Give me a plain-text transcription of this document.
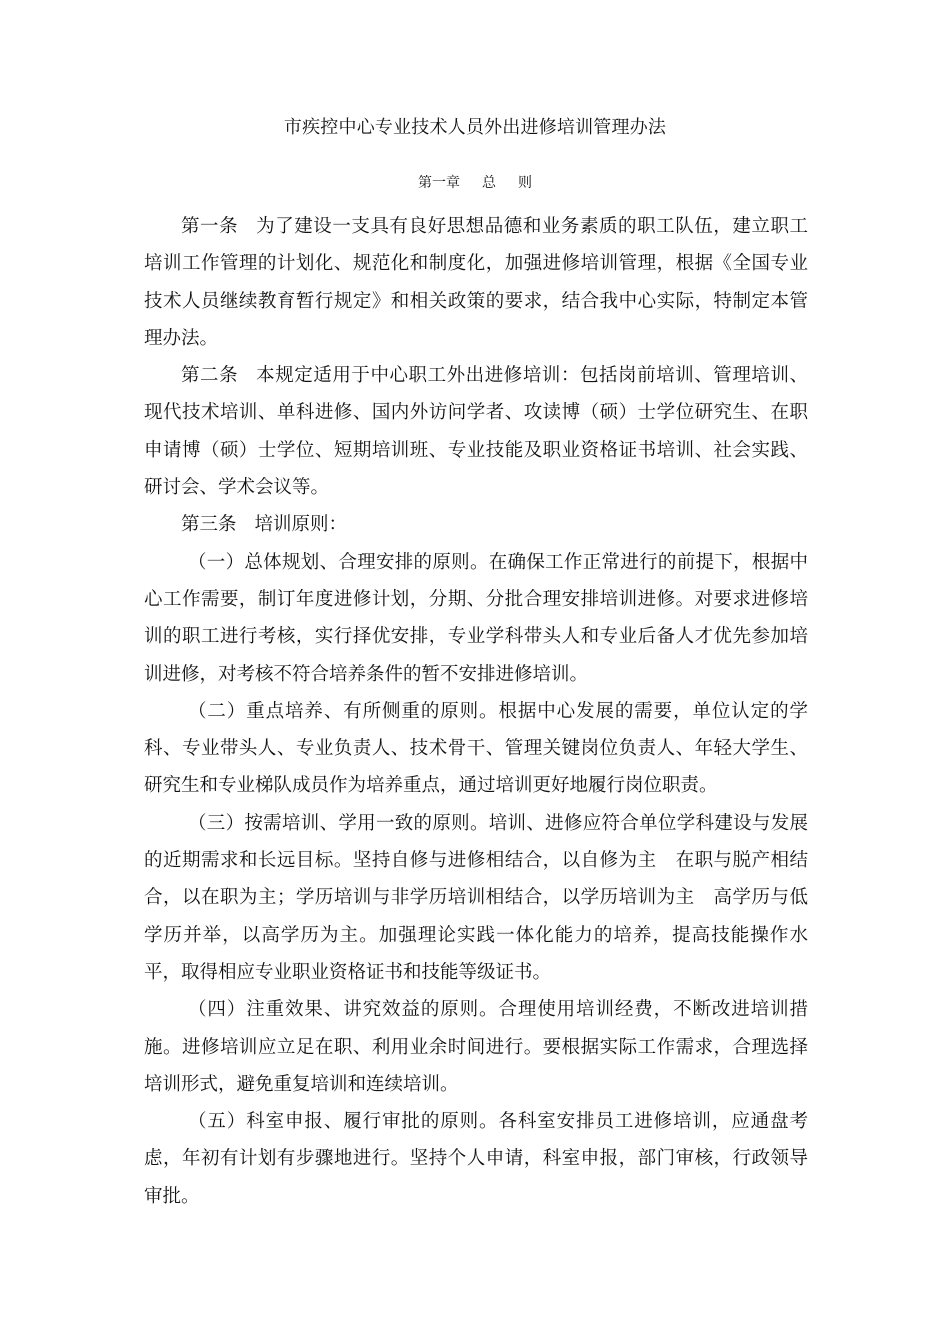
市疾控中心专业技术人员外出进修培训管理办法
第一章 总 则

第一条 为了建设一支具有良好思想品德和业务素质的职工队伍，建立职工培训工作管理的计划化、规范化和制度化，加强进修培训管理，根据《全国专业技术人员继续教育暂行规定》和相关政策的要求，结合我中心实际，特制定本管理办法。

第二条 本规定适用于中心职工外出进修培训：包括岗前培训、管理培训、现代技术培训、单科进修、国内外访问学者、攻读博（硕）士学位研究生、在职申请博（硕）士学位、短期培训班、专业技能及职业资格证书培训、社会实践、研讨会、学术会议等。

第三条 培训原则：

（一）总体规划、合理安排的原则。在确保工作正常进行的前提下，根据中心工作需要，制订年度进修计划，分期、分批合理安排培训进修。对要求进修培训的职工进行考核，实行择优安排，专业学科带头人和专业后备人才优先参加培训进修，对考核不符合培养条件的暂不安排进修培训。

（二）重点培养、有所侧重的原则。根据中心发展的需要，单位认定的学科、专业带头人、专业负责人、技术骨干、管理关键岗位负责人、年轻大学生、研究生和专业梯队成员作为培养重点，通过培训更好地履行岗位职责。

（三）按需培训、学用一致的原则。培训、进修应符合单位学科建设与发展的近期需求和长远目标。坚持自修与进修相结合，以自修为主　在职与脱产相结合，以在职为主；学历培训与非学历培训相结合，以学历培训为主　高学历与低学历并举，以高学历为主。加强理论实践一体化能力的培养，提高技能操作水平，取得相应专业职业资格证书和技能等级证书。

（四）注重效果、讲究效益的原则。合理使用培训经费，不断改进培训措施。进修培训应立足在职、利用业余时间进行。要根据实际工作需求，合理选择培训形式，避免重复培训和连续培训。

（五）科室申报、履行审批的原则。各科室安排员工进修培训，应通盘考虑，年初有计划有步骤地进行。坚持个人申请，科室申报，部门审核，行政领导审批。
